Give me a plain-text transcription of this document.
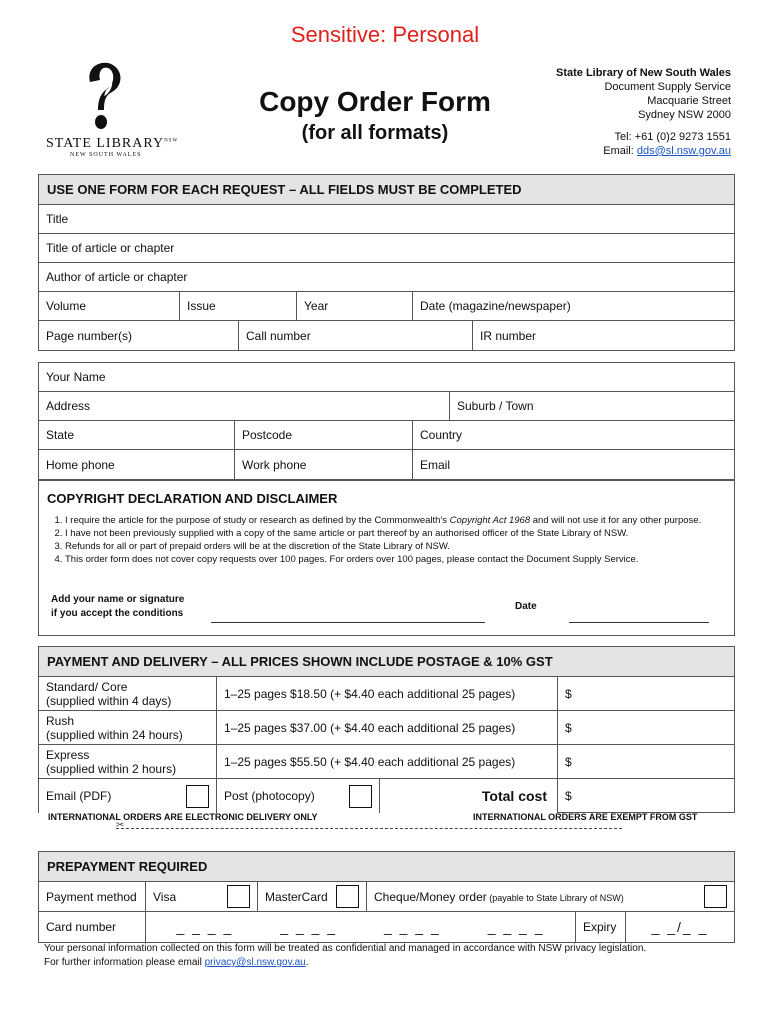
Sensitive: Personal
STATE $LIBRARY^{NSW}$
NEW SOUTH WALES
Copy Order Form
(for all formats)
State Library of New South Wales
Document Supply Service
Macquarie Street
Sydney NSW 2000
Tel: +61 (0)2 9273 1551
Email: dds@sl.nsw.gov.au
USE ONE FORM FOR EACH REQUEST – ALL FIELDS MUST BE COMPLETED
Title
Title of article or chapter
Author of article or chapter
Volume	Issue	Year	Date (magazine/newspaper)
Page number(s)	Call number	IR number
Your Name
Address	Suburb / Town
State	Postcode	Country
Home phone	Work phone	Email
COPYRIGHT DECLARATION AND DISCLAIMER
1. I require the article for the purpose of study or research as defined by the Commonwealth's Copyright Act 1968 and will not use it for any other purpose.
2. I have not been previously supplied with a copy of the same article or part thereof by an authorised officer of the State Library of NSW.
3. Refunds for all or part of prepaid orders will be at the discretion of the State Library of NSW.
4. This order form does not cover copy requests over 100 pages. For orders over 100 pages, please contact the Document Supply Service.
Add your name or signature
if you accept the conditions
Date
PAYMENT AND DELIVERY – ALL PRICES SHOWN INCLUDE POSTAGE & 10% GST
Standard/ Core
(supplied within 4 days)	1–25 pages $18.50 (+ $4.40 each additional 25 pages)	$
Rush
(supplied within 24 hours)	1–25 pages $37.00 (+ $4.40 each additional 25 pages)	$
Express
(supplied within 2 hours)	1–25 pages $55.50 (+ $4.40 each additional 25 pages)	$
Email (PDF)	Post (photocopy)	Total cost	$
INTERNATIONAL ORDERS ARE ELECTRONIC DELIVERY ONLY	INTERNATIONAL ORDERS ARE EXEMPT FROM GST
✂
PREPAYMENT REQUIRED
Payment method	Visa	MasterCard	Cheque/Money order (payable to State Library of NSW)
Card number	_ _ _ _	_ _ _ _	_ _ _ _	_ _ _ _	Expiry	_ _/_ _
Your personal information collected on this form will be treated as confidential and managed in accordance with NSW privacy legislation.
For further information please email privacy@sl.nsw.gov.au.
